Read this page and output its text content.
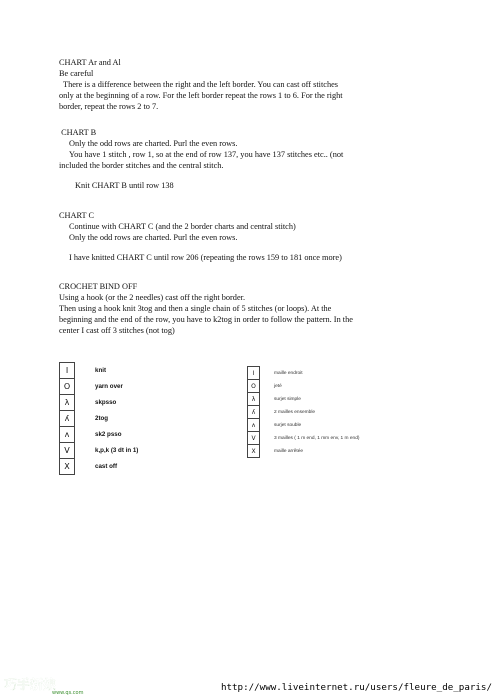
CHART Ar and Al
Be careful
There is a difference between the right and the left border. You can cast off stitches
only at the beginning of a row. For the left border repeat the rows 1 to 6. For the right
border, repeat the rows 2 to 7.
CHART B
Only the odd rows are charted. Purl the even rows.
You have 1 stitch , row 1, so at the end of row 137, you have 137 stitches etc.. (not
included the border stitches and the central stitch.
Knit CHART B until row 138
CHART C
Continue with CHART C (and the 2 border charts and central stitch)
Only the odd rows are charted. Purl the even rows.
I have knitted CHART C until row 206 (repeating the rows 159 to 181 once more)
CROCHET BIND OFF
Using a hook (or the 2 needles) cast off the right border.
Then using a hook knit 3tog and then a single chain of 5 stitches (or loops). At the
beginning and the end of the row, you have to k2tog in order to follow the pattern. In the
center I cast off 3 stitches (not tog)
I	knit
O	yarn over
λ	skpsso
ʎ	2tog
ʌ	sk2 psso
V	k,p,k (3 dt in 1)
X	cast off
I	maille endroit
O	jeté
λ	surjet simple
ʎ	2 mailles ensemble
ʌ	surjet souble
V	3 mailles ( 1 m end, 1 mm env, 1 m end)
X	maille arrêtée
巧手新娘
www.qs.com	http://www.liveinternet.ru/users/fleure_de_paris/
